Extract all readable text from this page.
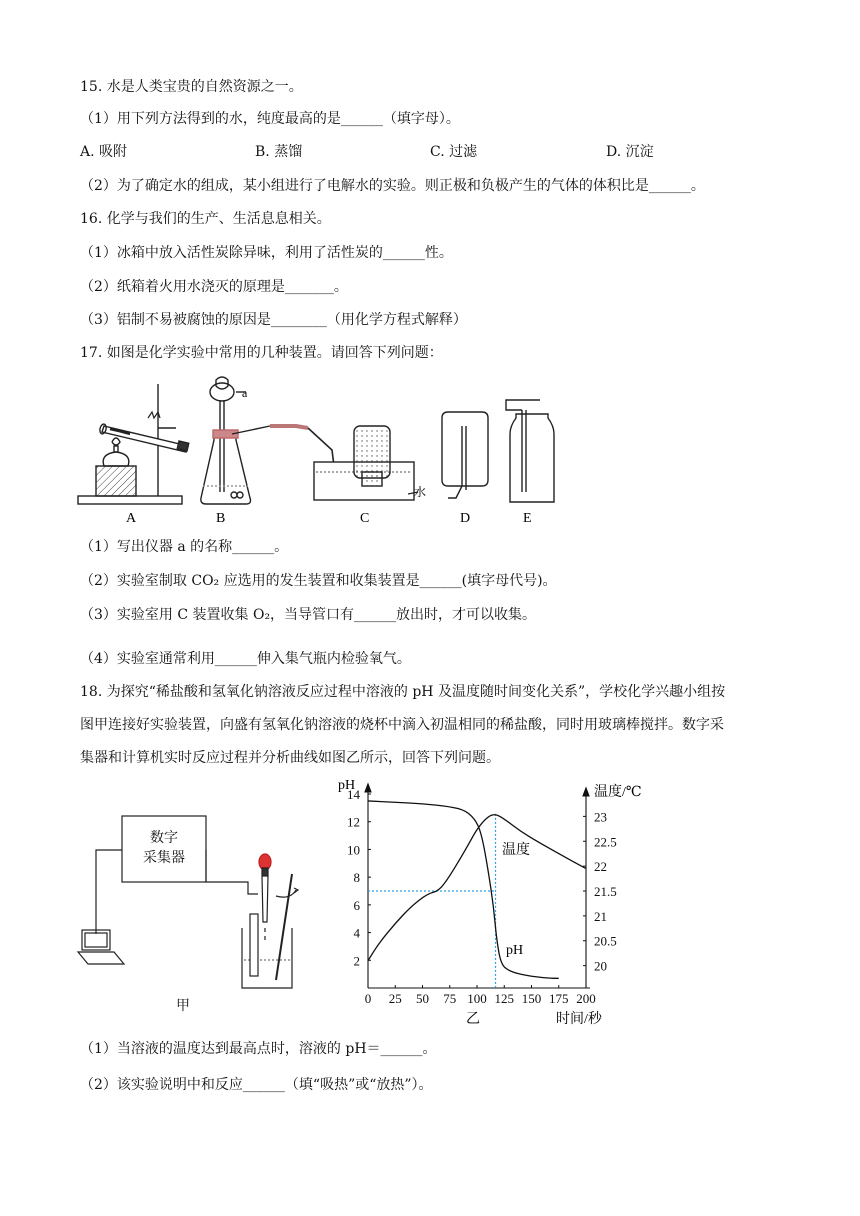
15. 水是人类宝贵的自然资源之一。
（1）用下列方法得到的水，纯度最高的是______（填字母）。
A. 吸附	B. 蒸馏	C. 过滤	D. 沉淀
（2）为了确定水的组成，某小组进行了电解水的实验。则正极和负极产生的气体的体积比是______。
16. 化学与我们的生产、生活息息相关。
（1）冰箱中放入活性炭除异味，利用了活性炭的______性。
（2）纸箱着火用水浇灭的原理是_______。
（3）铝制不易被腐蚀的原因是________（用化学方程式解释）
17. 如图是化学实验中常用的几种装置。请回答下列问题：
A	B	C	D	E
a
水
（1）写出仪器 a 的名称______。
（2）实验室制取 CO₂ 应选用的发生装置和收集装置是______(填字母代号)。
（3）实验室用 C 装置收集 O₂，当导管口有______放出时，才可以收集。
（4）实验室通常利用______伸入集气瓶内检验氧气。
18. 为探究“稀盐酸和氢氧化钠溶液反应过程中溶液的 pH 及温度随时间变化关系”，学校化学兴趣小组按
图甲连接好实验装置，向盛有氢氧化钠溶液的烧杯中滴入初温相同的稀盐酸，同时用玻璃棒搅拌。数字采
集器和计算机实时反应过程并分析曲线如图乙所示，回答下列问题。
数字
采集器
甲
0 25 50 75 100 125 150 175 200
2
4
6
8
10
12
14
20
20.5
21
21.5
22
22.5
23
pH	温度/℃
时间/秒
乙
温度
pH
（1）当溶液的温度达到最高点时，溶液的 pH＝______。
（2）该实验说明中和反应______（填“吸热”或“放热”）。
